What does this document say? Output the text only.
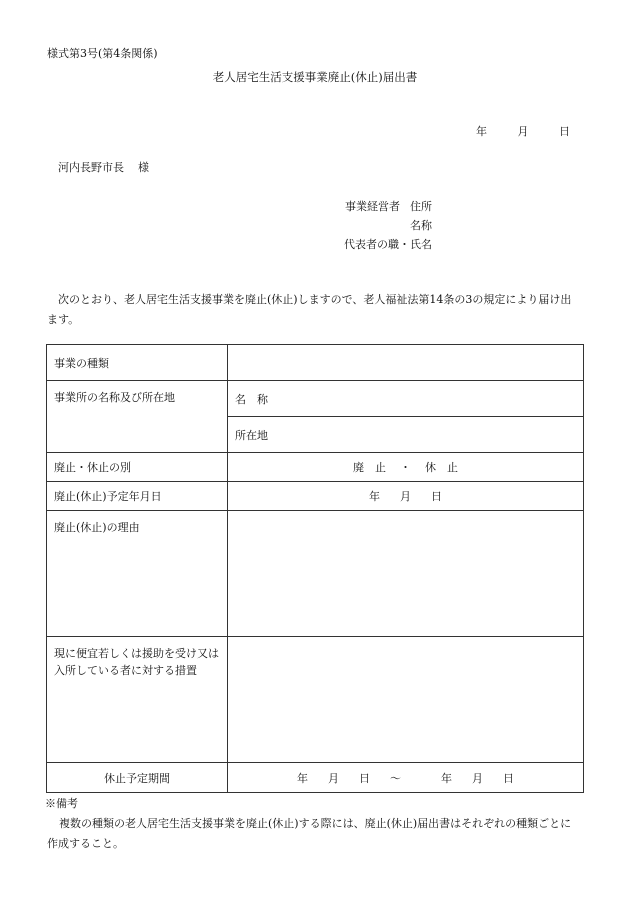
様式第3号(第4条関係)
老人居宅生活支援事業廃止(休止)届出書
年	月	日
河内長野市長 様
事業経営者 住所
名称
代表者の職・氏名
次のとおり、老人居宅生活支援事業を廃止(休止)しますので、老人福祉法第14条の3の規定により届け出ます。
事業の種類	
事業所の名称及び所在地	名　称
	所在地
廃止・休止の別	廃　止 ・ 休　止
廃止(休止)予定年月日	年 月 日
廃止(休止)の理由	
現に便宜若しくは援助を受け又は入所している者に対する措置	
休止予定期間	年 月 日 ～ 年 月 日
※備考
複数の種類の老人居宅生活支援事業を廃止(休止)する際には、廃止(休止)届出書はそれぞれの種類ごとに作成すること。
